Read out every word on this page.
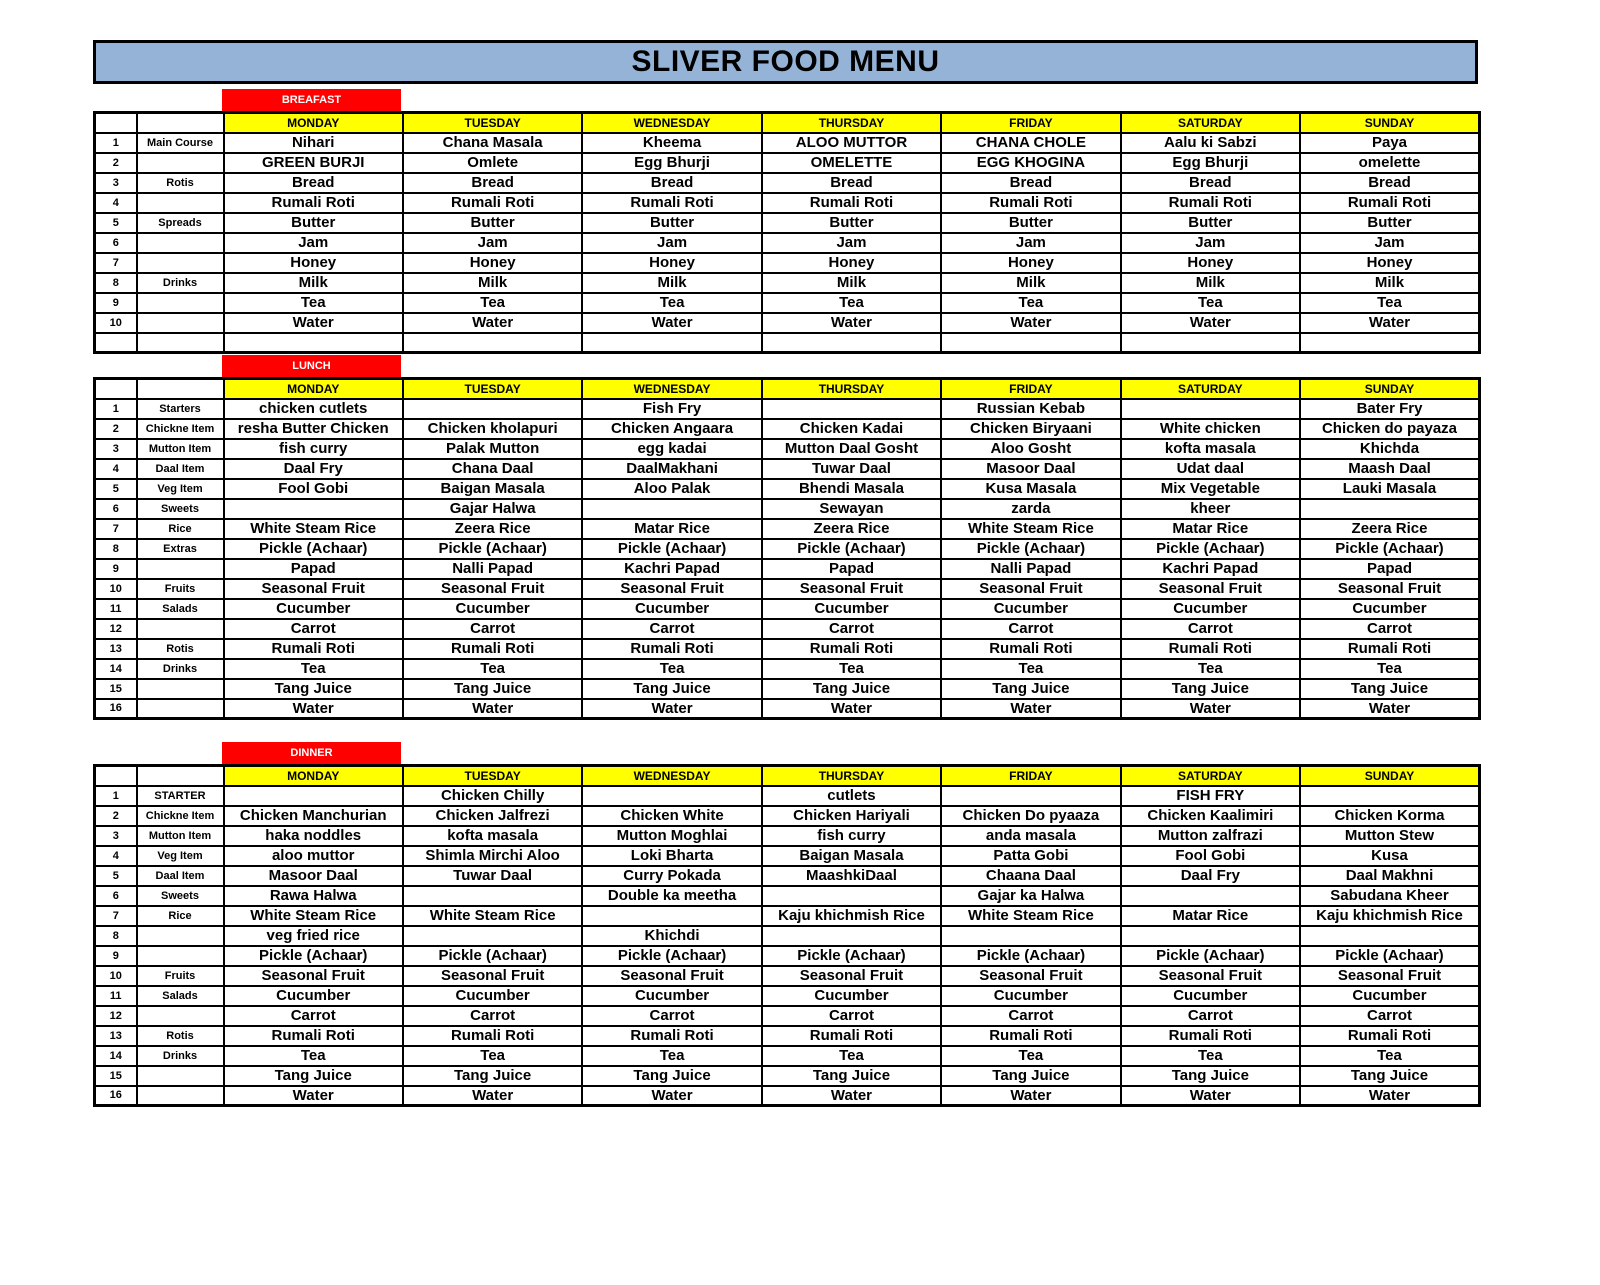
SLIVER FOOD MENU
BREAFAST
		MONDAY	TUESDAY	WEDNESDAY	THURSDAY	FRIDAY	SATURDAY	SUNDAY
1	Main Course	Nihari	Chana Masala	Kheema	ALOO MUTTOR	CHANA CHOLE	Aalu ki Sabzi	Paya
2		GREEN BURJI	Omlete	Egg Bhurji	OMELETTE	EGG KHOGINA	Egg Bhurji	omelette
3	Rotis	Bread	Bread	Bread	Bread	Bread	Bread	Bread
4		Rumali Roti	Rumali Roti	Rumali Roti	Rumali Roti	Rumali Roti	Rumali Roti	Rumali Roti
5	Spreads	Butter	Butter	Butter	Butter	Butter	Butter	Butter
6		Jam	Jam	Jam	Jam	Jam	Jam	Jam
7		Honey	Honey	Honey	Honey	Honey	Honey	Honey
8	Drinks	Milk	Milk	Milk	Milk	Milk	Milk	Milk
9		Tea	Tea	Tea	Tea	Tea	Tea	Tea
10		Water	Water	Water	Water	Water	Water	Water

LUNCH
		MONDAY	TUESDAY	WEDNESDAY	THURSDAY	FRIDAY	SATURDAY	SUNDAY
1	Starters	chicken cutlets		Fish Fry		Russian Kebab		Bater Fry
2	Chickne Item	resha Butter Chicken	Chicken kholapuri	Chicken Angaara	Chicken Kadai	Chicken Biryaani	White chicken	Chicken do payaza
3	Mutton Item	fish curry	Palak Mutton	egg kadai	Mutton Daal Gosht	Aloo Gosht	kofta masala	Khichda
4	Daal Item	Daal Fry	Chana Daal	DaalMakhani	Tuwar Daal	Masoor Daal	Udat daal	Maash Daal
5	Veg Item	Fool Gobi	Baigan Masala	Aloo Palak	Bhendi Masala	Kusa Masala	Mix Vegetable	Lauki Masala
6	Sweets		Gajar Halwa		Sewayan	zarda	kheer	
7	Rice	White Steam Rice	Zeera Rice	Matar Rice	Zeera Rice	White Steam Rice	Matar Rice	Zeera Rice
8	Extras	Pickle (Achaar)	Pickle (Achaar)	Pickle (Achaar)	Pickle (Achaar)	Pickle (Achaar)	Pickle (Achaar)	Pickle (Achaar)
9		Papad	Nalli Papad	Kachri Papad	Papad	Nalli Papad	Kachri Papad	Papad
10	Fruits	Seasonal Fruit	Seasonal Fruit	Seasonal Fruit	Seasonal Fruit	Seasonal Fruit	Seasonal Fruit	Seasonal Fruit
11	Salads	Cucumber	Cucumber	Cucumber	Cucumber	Cucumber	Cucumber	Cucumber
12		Carrot	Carrot	Carrot	Carrot	Carrot	Carrot	Carrot
13	Rotis	Rumali Roti	Rumali Roti	Rumali Roti	Rumali Roti	Rumali Roti	Rumali Roti	Rumali Roti
14	Drinks	Tea	Tea	Tea	Tea	Tea	Tea	Tea
15		Tang Juice	Tang Juice	Tang Juice	Tang Juice	Tang Juice	Tang Juice	Tang Juice
16		Water	Water	Water	Water	Water	Water	Water
DINNER
		MONDAY	TUESDAY	WEDNESDAY	THURSDAY	FRIDAY	SATURDAY	SUNDAY
1	STARTER		Chicken Chilly		cutlets		FISH FRY	
2	Chickne Item	Chicken Manchurian	Chicken Jalfrezi	Chicken White	Chicken Hariyali	Chicken Do pyaaza	Chicken Kaalimiri	Chicken Korma
3	Mutton Item	haka noddles	kofta masala	Mutton Moghlai	fish curry	anda masala	Mutton zalfrazi	Mutton Stew
4	Veg Item	aloo muttor	Shimla Mirchi Aloo	Loki Bharta	Baigan Masala	Patta Gobi	Fool Gobi	Kusa
5	Daal Item	Masoor Daal	Tuwar Daal	Curry Pokada	MaashkiDaal	Chaana Daal	Daal Fry	Daal Makhni
6	Sweets	Rawa Halwa		Double ka meetha		Gajar ka Halwa		Sabudana Kheer
7	Rice	White Steam Rice	White Steam Rice		Kaju khichmish Rice	White Steam Rice	Matar Rice	Kaju khichmish Rice
8		veg fried rice		Khichdi				
9		Pickle (Achaar)	Pickle (Achaar)	Pickle (Achaar)	Pickle (Achaar)	Pickle (Achaar)	Pickle (Achaar)	Pickle (Achaar)
10	Fruits	Seasonal Fruit	Seasonal Fruit	Seasonal Fruit	Seasonal Fruit	Seasonal Fruit	Seasonal Fruit	Seasonal Fruit
11	Salads	Cucumber	Cucumber	Cucumber	Cucumber	Cucumber	Cucumber	Cucumber
12		Carrot	Carrot	Carrot	Carrot	Carrot	Carrot	Carrot
13	Rotis	Rumali Roti	Rumali Roti	Rumali Roti	Rumali Roti	Rumali Roti	Rumali Roti	Rumali Roti
14	Drinks	Tea	Tea	Tea	Tea	Tea	Tea	Tea
15		Tang Juice	Tang Juice	Tang Juice	Tang Juice	Tang Juice	Tang Juice	Tang Juice
16		Water	Water	Water	Water	Water	Water	Water
